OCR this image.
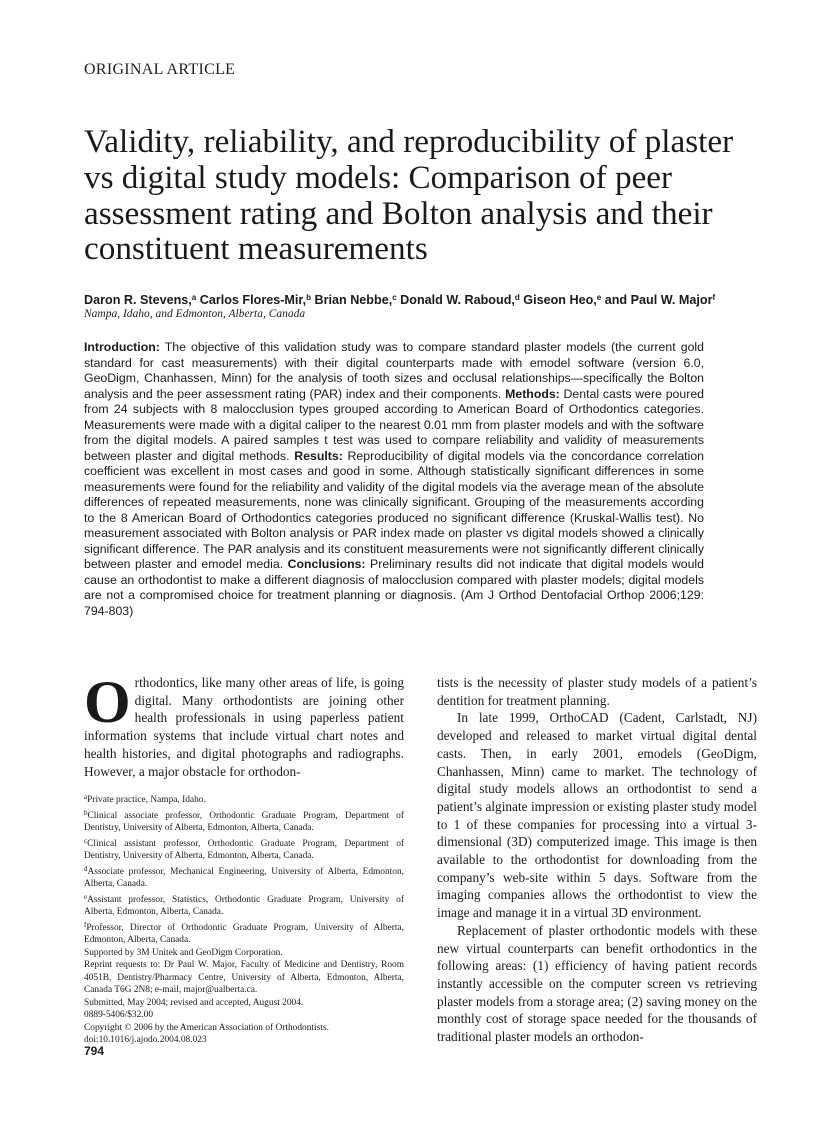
ORIGINAL ARTICLE
Validity, reliability, and reproducibility of plaster vs digital study models: Comparison of peer assessment rating and Bolton analysis and their constituent measurements
Daron R. Stevens,$^a$ Carlos Flores-Mir,$^b$ Brian Nebbe,$^c$ Donald W. Raboud,$^d$ Giseon Heo,$^e$ and Paul W. Major$^f$
Nampa, Idaho, and Edmonton, Alberta, Canada

Introduction: The objective of this validation study was to compare standard plaster models (the current gold standard for cast measurements) with their digital counterparts made with emodel software (version 6.0, GeoDigm, Chanhassen, Minn) for the analysis of tooth sizes and occlusal relationships—specifically the Bolton analysis and the peer assessment rating (PAR) index and their components. Methods: Dental casts were poured from 24 subjects with 8 malocclusion types grouped according to American Board of Orthodontics categories. Measurements were made with a digital caliper to the nearest 0.01 mm from plaster models and with the software from the digital models. A paired samples t test was used to compare reliability and validity of measurements between plaster and digital methods. Results: Reproducibility of digital models via the concordance correlation coefficient was excellent in most cases and good in some. Although statistically significant differences in some measurements were found for the reliability and validity of the digital models via the average mean of the absolute differences of repeated measurements, none was clinically significant. Grouping of the measurements according to the 8 American Board of Orthodontics categories produced no significant difference (Kruskal-Wallis test). No measurement associated with Bolton analysis or PAR index made on plaster vs digital models showed a clinically significant difference. The PAR analysis and its constituent measurements were not significantly different clinically between plaster and emodel media. Conclusions: Preliminary results did not indicate that digital models would cause an orthodontist to make a different diagnosis of malocclusion compared with plaster models; digital models are not a compromised choice for treatment planning or diagnosis. (Am J Orthod Dentofacial Orthop 2006;129: 794-803)

Orthodontics, like many other areas of life, is going digital. Many orthodontists are joining other health professionals in using paperless patient information systems that include virtual chart notes and health histories, and digital photographs and radiographs. However, a major obstacle for orthodon-

$^a$Private practice, Nampa, Idaho.

$^b$Clinical associate professor, Orthodontic Graduate Program, Department of Dentistry, University of Alberta, Edmonton, Alberta, Canada.

$^c$Clinical assistant professor, Orthodontic Graduate Program, Department of Dentistry, University of Alberta, Edmonton, Alberta, Canada.

$^d$Associate professor, Mechanical Engineering, University of Alberta, Edmonton, Alberta, Canada.

$^e$Assistant professor, Statistics, Orthodontic Graduate Program, University of Alberta, Edmonton, Alberta, Canada.

$^f$Professor, Director of Orthodontic Graduate Program, University of Alberta, Edmonton, Alberta, Canada.

Supported by 3M Unitek and GeoDigm Corporation.

Reprint requests to: Dr Paul W. Major, Faculty of Medicine and Dentistry, Room 4051B, Dentistry/Pharmacy Centre, University of Alberta, Edmonton, Alberta, Canada T6G 2N8; e-mail, major@ualberta.ca.

Submitted, May 2004; revised and accepted, August 2004.

0889-5406/$32.00

Copyright © 2006 by the American Association of Orthodontists.

doi:10.1016/j.ajodo.2004.08.023

794

tists is the necessity of plaster study models of a patient’s dentition for treatment planning.

In late 1999, OrthoCAD (Cadent, Carlstadt, NJ) developed and released to market virtual digital dental casts. Then, in early 2001, emodels (GeoDigm, Chanhassen, Minn) came to market. The technology of digital study models allows an orthodontist to send a patient’s alginate impression or existing plaster study model to 1 of these companies for processing into a virtual 3-dimensional (3D) computerized image. This image is then available to the orthodontist for downloading from the company’s web-site within 5 days. Software from the imaging companies allows the orthodontist to view the image and manage it in a virtual 3D environment.

Replacement of plaster orthodontic models with these new virtual counterparts can benefit orthodontics in the following areas: (1) efficiency of having patient records instantly accessible on the computer screen vs retrieving plaster models from a storage area; (2) saving money on the monthly cost of storage space needed for the thousands of traditional plaster models an orthodon-
